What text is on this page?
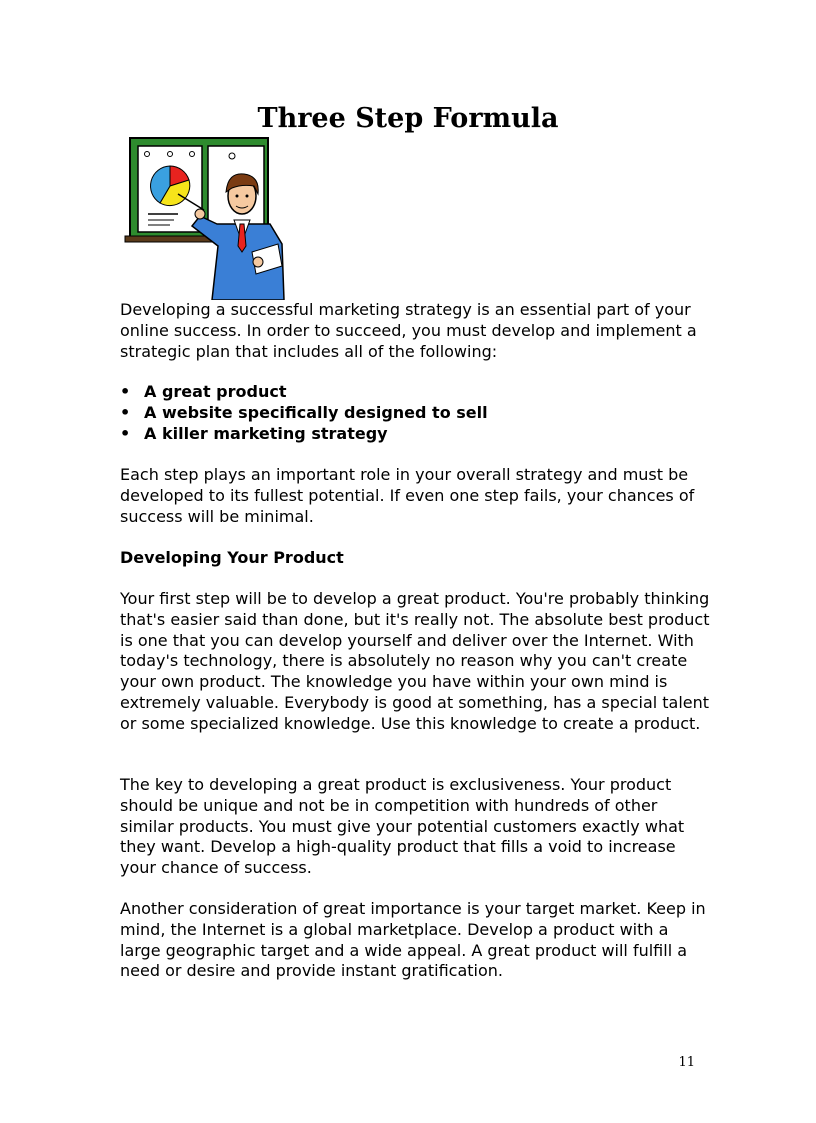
Three Step Formula

Developing a successful marketing strategy is an essential part of your online success. In order to succeed, you must develop and implement a strategic plan that includes all of the following:

• A great product
• A website specifically designed to sell
• A killer marketing strategy

Each step plays an important role in your overall strategy and must be developed to its fullest potential. If even one step fails, your chances of success will be minimal.

Developing Your Product

Your first step will be to develop a great product. You're probably thinking that's easier said than done, but it's really not. The absolute best product is one that you can develop yourself and deliver over the Internet. With today's technology, there is absolutely no reason why you can't create your own product. The knowledge you have within your own mind is extremely valuable. Everybody is good at something, has a special talent or some specialized knowledge. Use this knowledge to create a product.

The key to developing a great product is exclusiveness. Your product should be unique and not be in competition with hundreds of other similar products. You must give your potential customers exactly what they want. Develop a high-quality product that fills a void to increase your chance of success.

Another consideration of great importance is your target market. Keep in mind, the Internet is a global marketplace. Develop a product with a large geographic target and a wide appeal. A great product will fulfill a need or desire and provide instant gratification.

11
